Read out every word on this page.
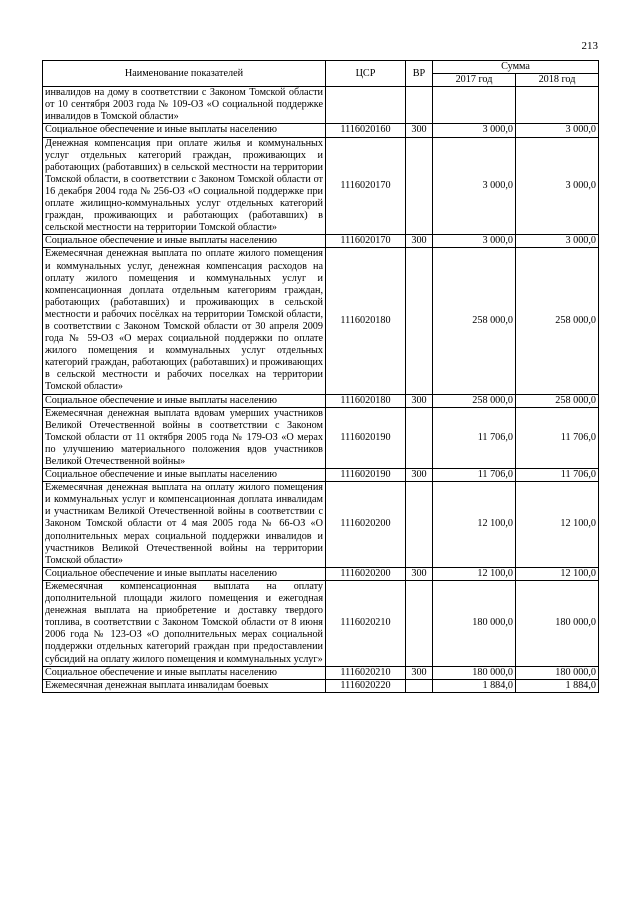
213
Наименование показателей	ЦСР	ВР	Сумма	
			2017 год	2018 год
инвалидов на дому в соответствии с Законом Томской области от 10 сентября 2003 года № 109-ОЗ «О социальной поддержке инвалидов в Томской области»				
Социальное обеспечение и иные выплаты населению	1116020160	300	3 000,0	3 000,0
Денежная компенсация при оплате жилья и коммунальных услуг отдельных категорий граждан, проживающих и работающих (работавших) в сельской местности на территории Томской области, в соответствии с Законом Томской области от 16 декабря 2004 года № 256-ОЗ «О социальной поддержке при оплате жилищно-коммунальных услуг отдельных категорий граждан, проживающих и работающих (работавших) в сельской местности на территории Томской области»	1116020170		3 000,0	3 000,0
Социальное обеспечение и иные выплаты населению	1116020170	300	3 000,0	3 000,0
Ежемесячная денежная выплата по оплате жилого помещения и коммунальных услуг, денежная компенсация расходов на оплату жилого помещения и коммунальных услуг и компенсационная доплата отдельным категориям граждан, работающих (работавших) и проживающих в сельской местности и рабочих посёлках на территории Томской области, в соответствии с Законом Томской области от 30 апреля 2009 года № 59-ОЗ «О мерах социальной поддержки по оплате жилого помещения и коммунальных услуг отдельных категорий граждан, работающих (работавших) и проживающих в сельской местности и рабочих поселках на территории Томской области»	1116020180		258 000,0	258 000,0
Социальное обеспечение и иные выплаты населению	1116020180	300	258 000,0	258 000,0
Ежемесячная денежная выплата вдовам умерших участников Великой Отечественной войны в соответствии с Законом Томской области от 11 октября 2005 года № 179-ОЗ «О мерах по улучшению материального положения вдов участников Великой Отечественной войны»	1116020190		11 706,0	11 706,0
Социальное обеспечение и иные выплаты населению	1116020190	300	11 706,0	11 706,0
Ежемесячная денежная выплата на оплату жилого помещения и коммунальных услуг и компенсационная доплата инвалидам и участникам Великой Отечественной войны в соответствии с Законом Томской области от 4 мая 2005 года № 66-ОЗ «О дополнительных мерах социальной поддержки инвалидов и участников Великой Отечественной войны на территории Томской области»	1116020200		12 100,0	12 100,0
Социальное обеспечение и иные выплаты населению	1116020200	300	12 100,0	12 100,0
Ежемесячная компенсационная выплата на оплату дополнительной площади жилого помещения и ежегодная денежная выплата на приобретение и доставку твердого топлива, в соответствии с Законом Томской области от 8 июня 2006 года № 123-ОЗ «О дополнительных мерах социальной поддержки отдельных категорий граждан при предоставлении субсидий на оплату жилого помещения и коммунальных услуг»	1116020210		180 000,0	180 000,0
Социальное обеспечение и иные выплаты населению	1116020210	300	180 000,0	180 000,0
Ежемесячная денежная выплата инвалидам боевых	1116020220		1 884,0	1 884,0
